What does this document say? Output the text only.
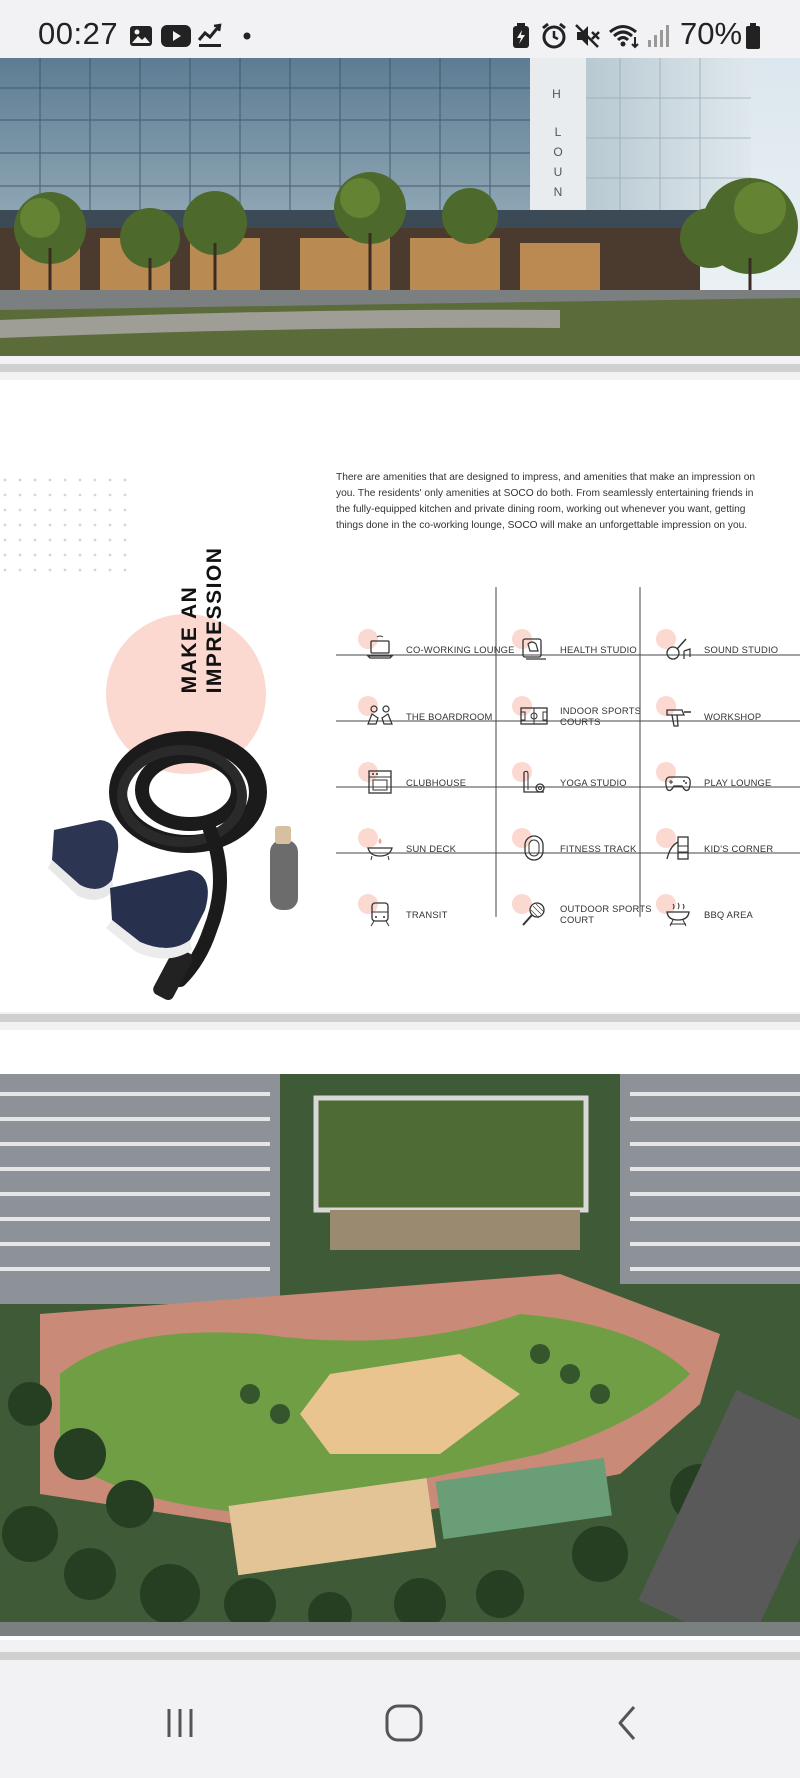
00:27	70%
H
L
O
U
N

There are amenities that are designed to impress, and amenities that make an impression on you. The residents' only amenities at SOCO do both. From seamlessly entertaining friends in the fully-equipped kitchen and private dining room, working out whenever you want, getting things done in the co-working lounge, SOCO will make an unforgettable impression on you.

MAKE AN IMPRESSION	CO-WORKING LOUNGE	HEALTH STUDIO	SOUND STUDIO
THE BOARDROOM	INDOOR SPORTS COURTS	WORKSHOP
CLUBHOUSE	YOGA STUDIO	PLAY LOUNGE
SUN DECK	FITNESS TRACK	KID'S CORNER
TRANSIT	OUTDOOR SPORTS COURT	BBQ AREA
